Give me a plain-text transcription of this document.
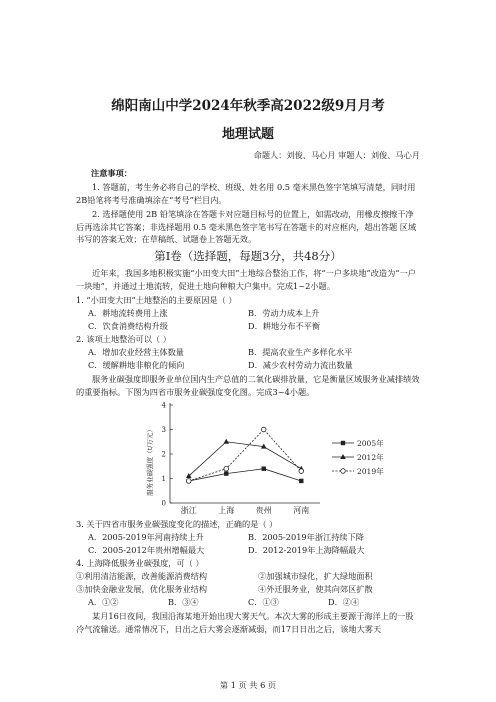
绵阳南山中学2024年秋季高2022级9月月考
地理试题
命题人：刘俊、马心月 审题人：刘俊、马心月
注意事项：
1. 答题前，考生务必将自己的学校、班级、姓名用 0.5 毫米黑色签字笔填写清楚，同时用2B铅笔将考号准确填涂在“考号”栏目内。
2. 选择题使用 2B 铅笔填涂在答题卡对应题目标号的位置上，如需改动，用橡皮擦擦干净后再选涂其它答案；非选择题用 0.5 毫米黑色签字笔书写在答题卡的对应框内，超出答题 区域书写的答案无效；在草稿纸、试题卷上答题无效。
第Ⅰ卷（选择题，每题3分，共48分）
近年来，我国多地积极实施“小田变大田”土地综合整治工作，将“一户多块地”改造为“一户一块地”，并通过土地流转，促进土地向种粮大户集中。完成1~2小题。
1. “小田变大田”土地整治的主要原因是（ ）
A．耕地流转费用上涨	B．劳动力成本上升
C．饮食消费结构升级	D．耕地分布不平衡
2. 该项土地整治可以（ ）
A．增加农业经营主体数量	B．提高农业生产多样化水平
C．缓解耕地非粮化的倾向	D．减少农村劳动力流出数量
服务业碳强度即服务业单位国内生产总值的二氧化碳排放量，它是衡量区域服务业减排绩效的重要指标。下图为四省市服务业碳强度变化图。完成3~4小题。
服务业碳强度（t/万元）
0
1
2
3
4
浙江	上海	贵州	河南
2005年
2012年
2019年
3. 关于四省市服务业碳强度变化的描述，正确的是（ ）
A．2005-2019年河南持续上升	B．2005-2019年浙江持续下降
C．2005-2012年贵州增幅最大	D．2012-2019年上海降幅最大
4. 上海降低服务业碳强度，可（ ）
①利用清洁能源，改善能源消费结构	②加强城市绿化，扩大绿地面积
③加快金融业发展，优化服务业结构	④外迁服务业，使其向郊区扩散
A．①②	B．③④	C．①③	D．②④
某月16日夜间，我国沿海某地开始出现大雾天气。本次大雾的形成主要源于海洋上的一股冷气流输送。通常情况下，日出之后大雾会逐渐减弱，而17日日出之后，该地大雾天
第 1 页 共 6 页
